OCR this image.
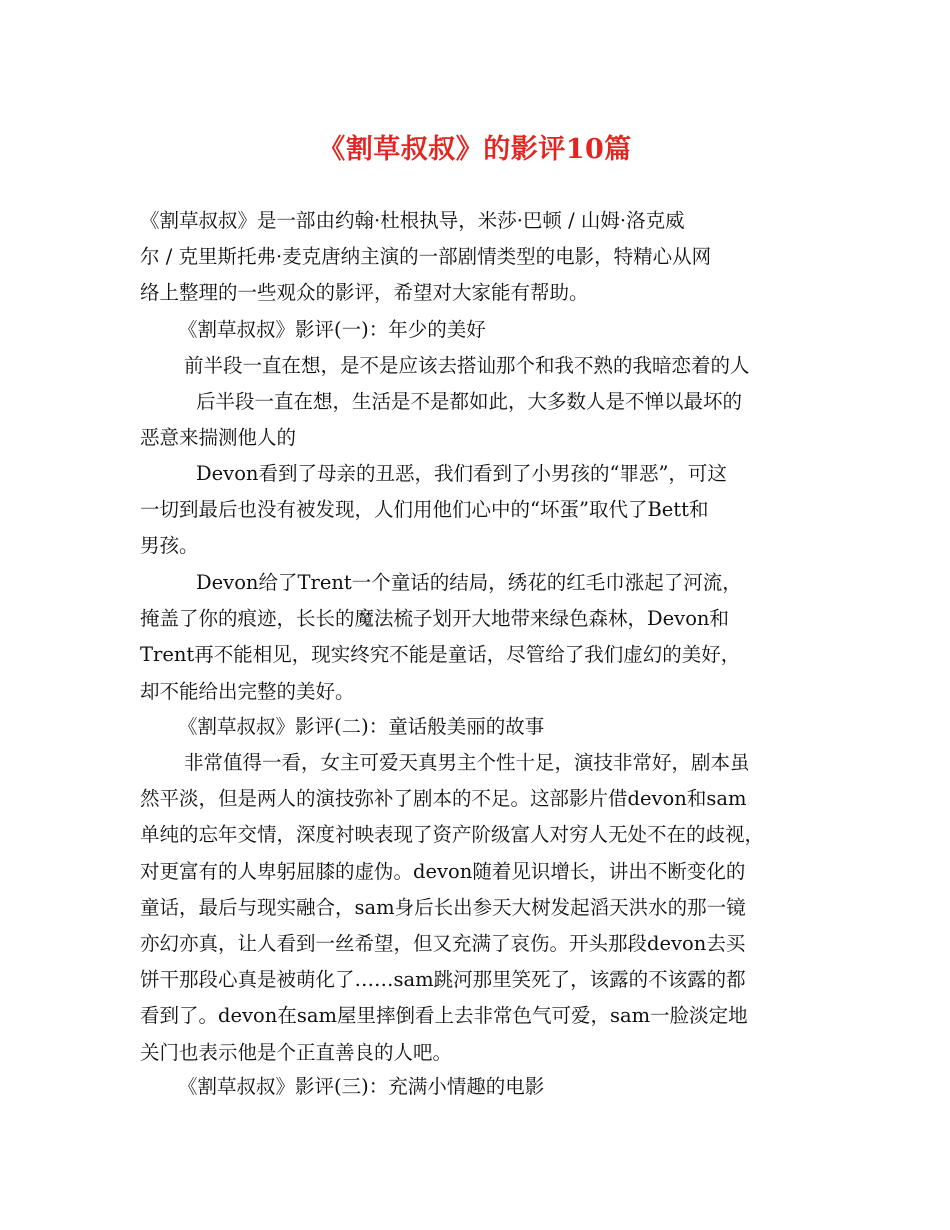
《割草叔叔》的影评10篇

《割草叔叔》是一部由约翰·杜根执导，米莎·巴顿 / 山姆·洛克威
尔 / 克里斯托弗·麦克唐纳主演的一部剧情类型的电影，特精心从网
络上整理的一些观众的影评，希望对大家能有帮助。

《割草叔叔》影评(一)：年少的美好

前半段一直在想，是不是应该去搭讪那个和我不熟的我暗恋着的人

后半段一直在想，生活是不是都如此，大多数人是不惮以最坏的
恶意来揣测他人的

Devon看到了母亲的丑恶，我们看到了小男孩的“罪恶”，可这
一切到最后也没有被发现，人们用他们心中的“坏蛋”取代了Bett和
男孩。

Devon给了Trent一个童话的结局，绣花的红毛巾涨起了河流，
掩盖了你的痕迹，长长的魔法梳子划开大地带来绿色森林，Devon和
Trent再不能相见，现实终究不能是童话，尽管给了我们虚幻的美好，
却不能给出完整的美好。

《割草叔叔》影评(二)：童话般美丽的故事

非常值得一看，女主可爱天真男主个性十足，演技非常好，剧本虽
然平淡，但是两人的演技弥补了剧本的不足。这部影片借devon和sam
单纯的忘年交情，深度衬映表现了资产阶级富人对穷人无处不在的歧视，
对更富有的人卑躬屈膝的虚伪。devon随着见识增长，讲出不断变化的
童话，最后与现实融合，sam身后长出参天大树发起滔天洪水的那一镜
亦幻亦真，让人看到一丝希望，但又充满了哀伤。开头那段devon去买
饼干那段心真是被萌化了……sam跳河那里笑死了，该露的不该露的都
看到了。devon在sam屋里摔倒看上去非常色气可爱，sam一脸淡定地
关门也表示他是个正直善良的人吧。

《割草叔叔》影评(三)：充满小情趣的电影
